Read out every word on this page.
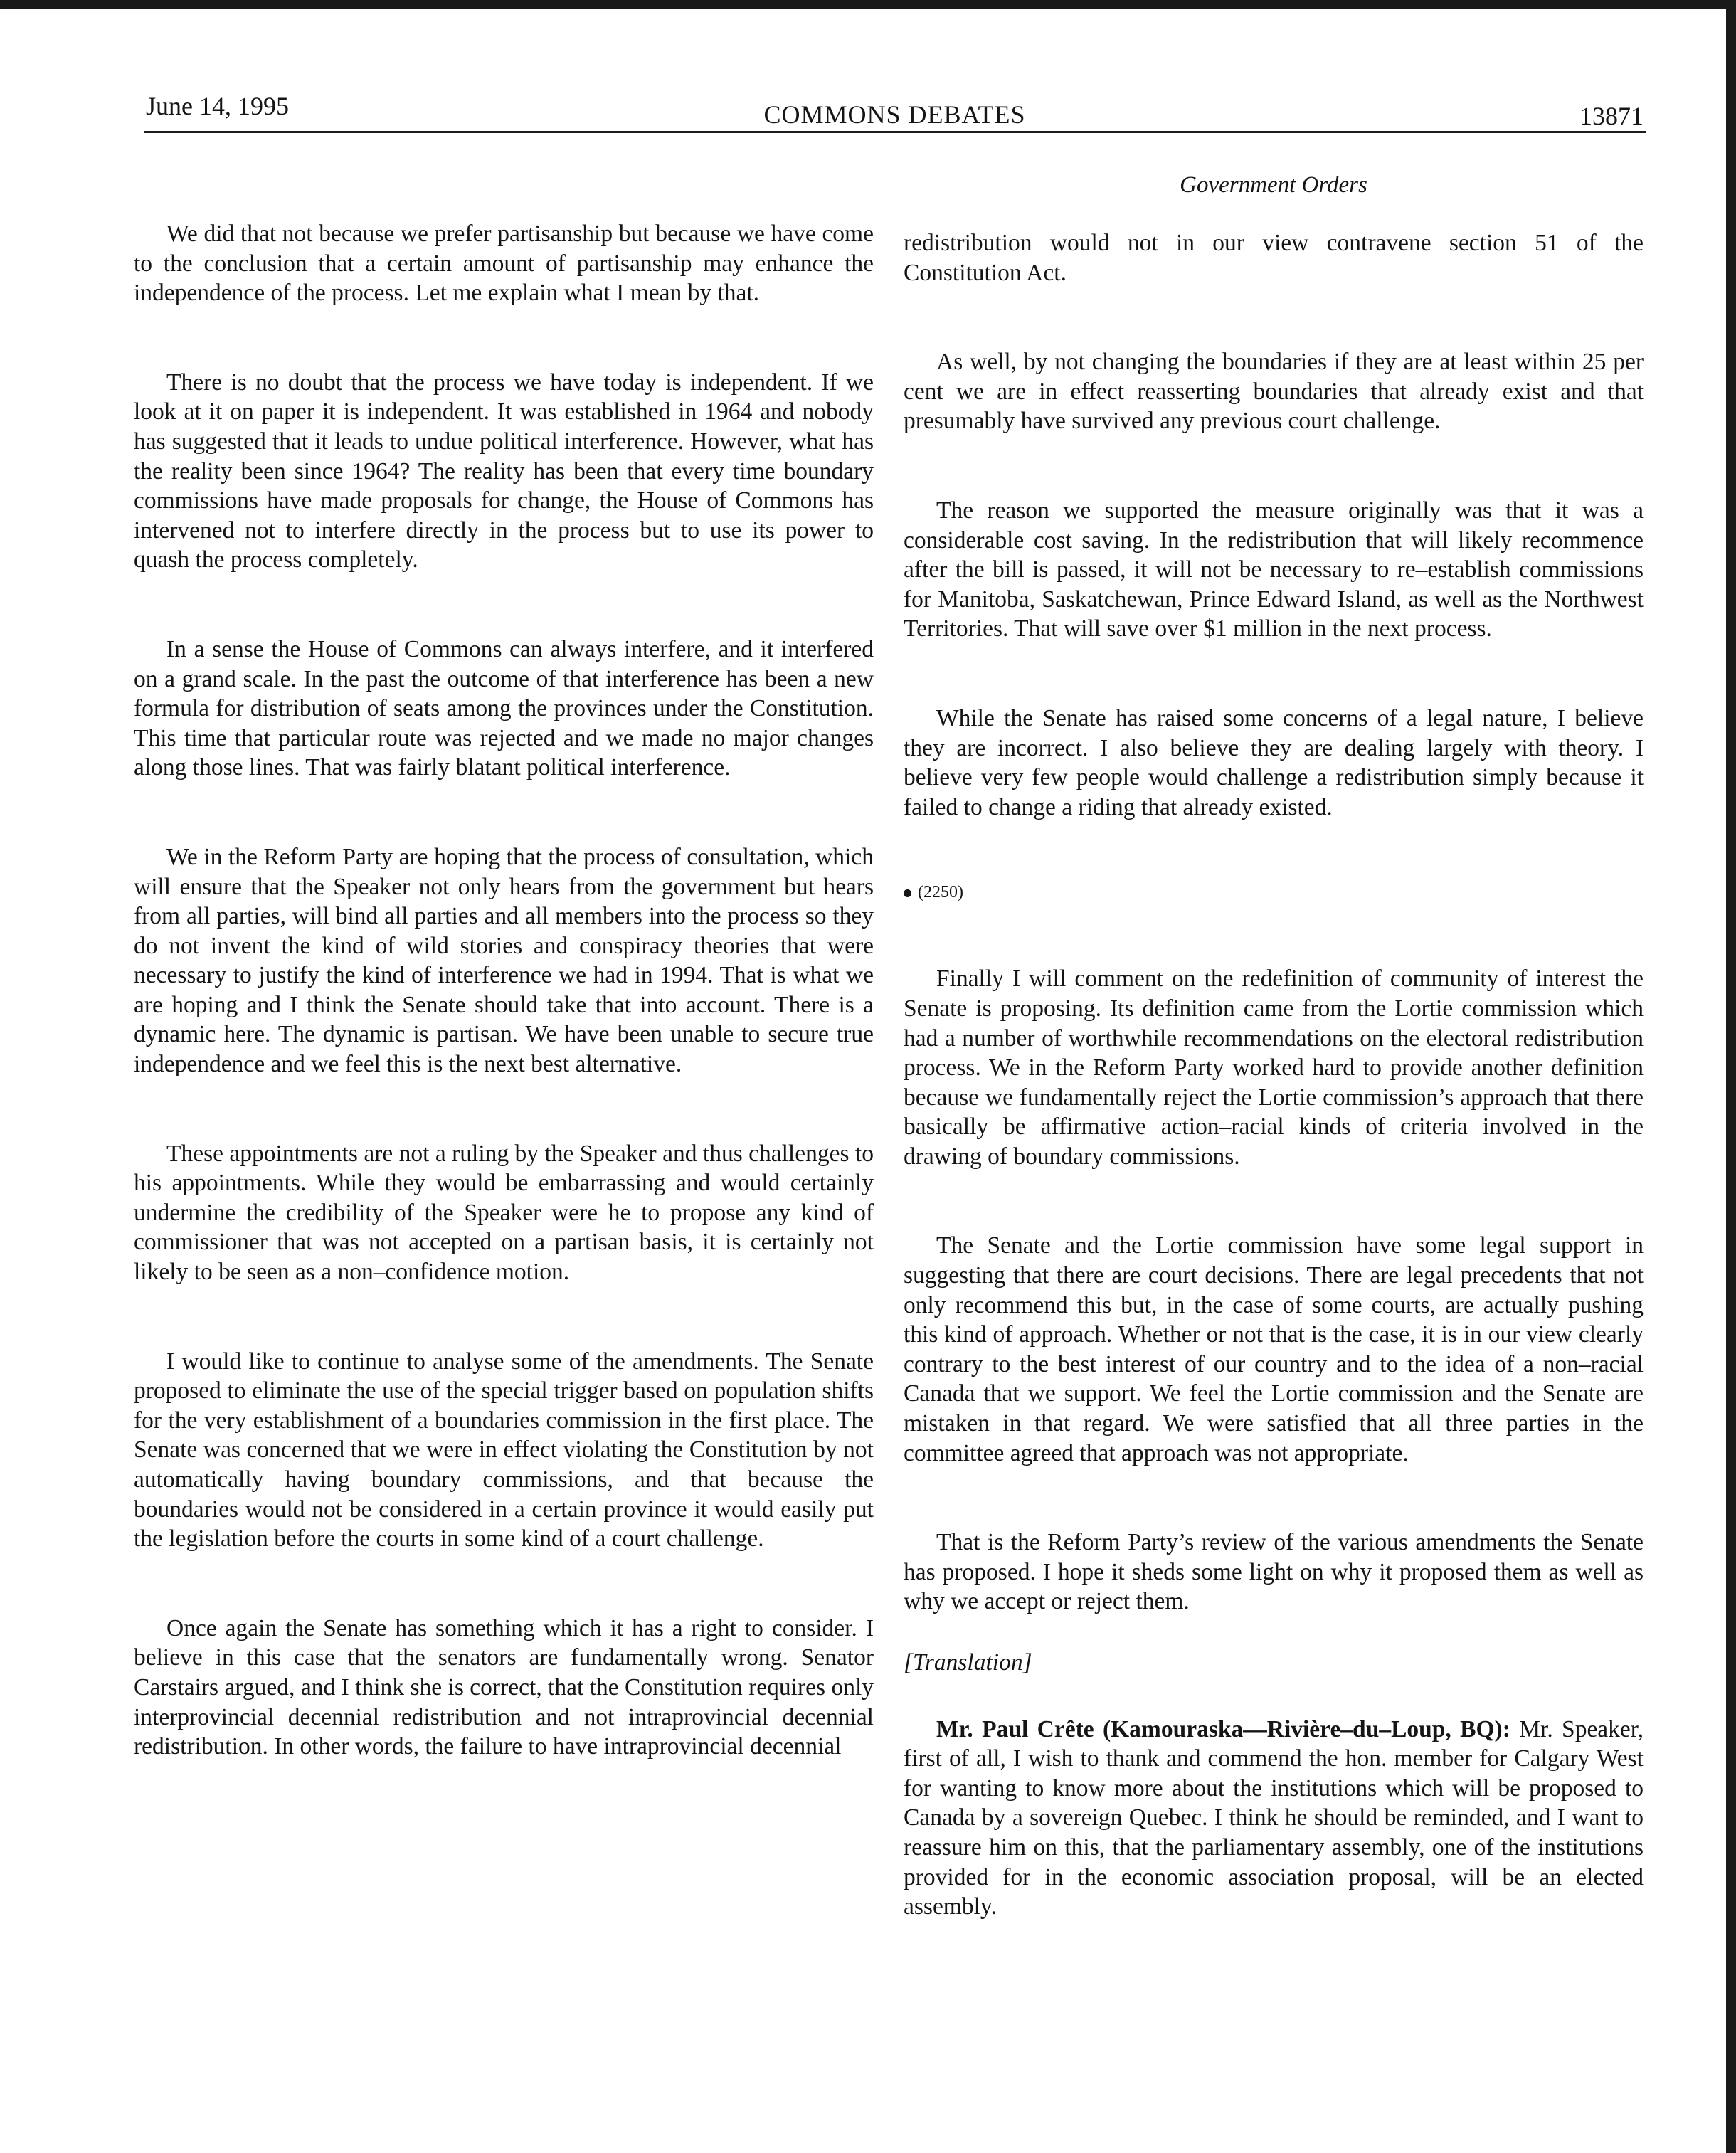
June 14, 1995	COMMONS DEBATES	13871
Government Orders

We did that not because we prefer partisanship but because we have come to the conclusion that a certain amount of partisanship may enhance the independence of the process. Let me explain what I mean by that.

There is no doubt that the process we have today is independent. If we look at it on paper it is independent. It was established in 1964 and nobody has suggested that it leads to undue political interference. However, what has the reality been since 1964? The reality has been that every time boundary commissions have made proposals for change, the House of Commons has intervened not to interfere directly in the process but to use its power to quash the process completely.

In a sense the House of Commons can always interfere, and it interfered on a grand scale. In the past the outcome of that interference has been a new formula for distribution of seats among the provinces under the Constitution. This time that particular route was rejected and we made no major changes along those lines. That was fairly blatant political interference.

We in the Reform Party are hoping that the process of consultation, which will ensure that the Speaker not only hears from the government but hears from all parties, will bind all parties and all members into the process so they do not invent the kind of wild stories and conspiracy theories that were necessary to justify the kind of interference we had in 1994. That is what we are hoping and I think the Senate should take that into account. There is a dynamic here. The dynamic is partisan. We have been unable to secure true independence and we feel this is the next best alternative.

These appointments are not a ruling by the Speaker and thus challenges to his appointments. While they would be embarrassing and would certainly undermine the credibility of the Speaker were he to propose any kind of commissioner that was not accepted on a partisan basis, it is certainly not likely to be seen as a non–confidence motion.

I would like to continue to analyse some of the amendments. The Senate proposed to eliminate the use of the special trigger based on population shifts for the very establishment of a boundaries commission in the first place. The Senate was concerned that we were in effect violating the Constitution by not automatically having boundary commissions, and that because the boundaries would not be considered in a certain province it would easily put the legislation before the courts in some kind of a court challenge.

Once again the Senate has something which it has a right to consider. I believe in this case that the senators are fundamentally wrong. Senator Carstairs argued, and I think she is correct, that the Constitution requires only interprovincial decennial redistribution and not intraprovincial decennial redistribution. In other words, the failure to have intraprovincial decennial

redistribution would not in our view contravene section 51 of the Constitution Act.

As well, by not changing the boundaries if they are at least within 25 per cent we are in effect reasserting boundaries that already exist and that presumably have survived any previous court challenge.

The reason we supported the measure originally was that it was a considerable cost saving. In the redistribution that will likely recommence after the bill is passed, it will not be necessary to re–establish commissions for Manitoba, Saskatchewan, Prince Edward Island, as well as the Northwest Territories. That will save over $1 million in the next process.

While the Senate has raised some concerns of a legal nature, I believe they are incorrect. I also believe they are dealing largely with theory. I believe very few people would challenge a redistribution simply because it failed to change a riding that already existed.

(2250)

Finally I will comment on the redefinition of community of interest the Senate is proposing. Its definition came from the Lortie commission which had a number of worthwhile recommendations on the electoral redistribution process. We in the Reform Party worked hard to provide another definition because we fundamentally reject the Lortie commission’s approach that there basically be affirmative action–racial kinds of criteria involved in the drawing of boundary commissions.

The Senate and the Lortie commission have some legal support in suggesting that there are court decisions. There are legal precedents that not only recommend this but, in the case of some courts, are actually pushing this kind of approach. Whether or not that is the case, it is in our view clearly contrary to the best interest of our country and to the idea of a non–racial Canada that we support. We feel the Lortie commission and the Senate are mistaken in that regard. We were satisfied that all three parties in the committee agreed that approach was not appropriate.

That is the Reform Party’s review of the various amendments the Senate has proposed. I hope it sheds some light on why it proposed them as well as why we accept or reject them.

[Translation]

Mr. Paul Crête (Kamouraska—Rivière–du–Loup, BQ): Mr. Speaker, first of all, I wish to thank and commend the hon. member for Calgary West for wanting to know more about the institutions which will be proposed to Canada by a sovereign Quebec. I think he should be reminded, and I want to reassure him on this, that the parliamentary assembly, one of the institutions provided for in the economic association proposal, will be an elected assembly.
